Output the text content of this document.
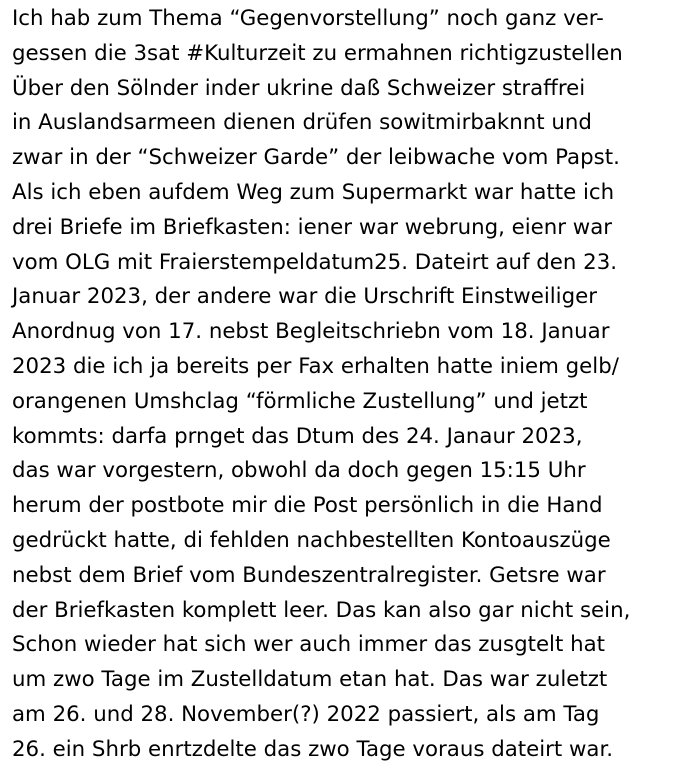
Ich hab zum Thema “Gegenvorstellung” noch ganz ver-
gessen die 3sat #Kulturzeit zu ermahnen richtigzustellen
Über den Sölnder inder ukrine daß Schweizer straffrei
in Auslandsarmeen dienen drüfen sowitmirbaknnt und
zwar in der “Schweizer Garde” der leibwache vom Papst.
Als ich eben aufdem Weg zum Supermarkt war hatte ich
drei Briefe im Briefkasten: iener war webrung, eienr war
vom OLG mit Fraierstempeldatum25. Dateirt auf den 23.
Januar 2023, der andere war die Urschrift Einstweiliger
Anordnug von 17. nebst Begleitschriebn vom 18. Januar
2023 die ich ja bereits per Fax erhalten hatte iniem gelb/
orangenen Umshclag “förmliche Zustellung” und jetzt
kommts: darfa prnget das Dtum des 24. Janaur 2023,
das war vorgestern, obwohl da doch gegen 15:15 Uhr
herum der postbote mir die Post persönlich in die Hand
gedrückt hatte, di fehlden nachbestellten Kontoauszüge
nebst dem Brief vom Bundeszentralregister. Getsre war
der Briefkasten komplett leer. Das kan also gar nicht sein,
Schon wieder hat sich wer auch immer das zusgtelt hat
um zwo Tage im Zustelldatum etan hat. Das war zuletzt
am 26. und 28. November(?) 2022 passiert, als am Tag
26. ein Shrb enrtzdelte das zwo Tage voraus dateirt war.
